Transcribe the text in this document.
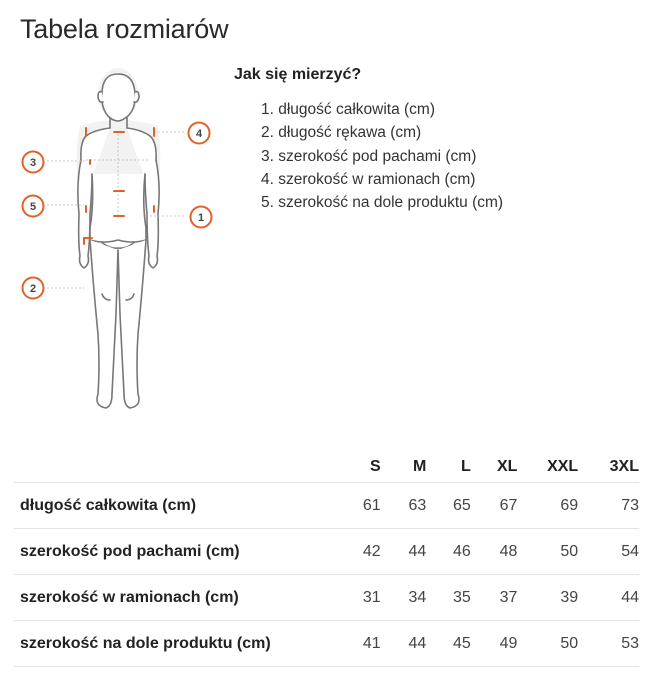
Tabela rozmiarów
3
5
2
4
1
Jak się mierzyć?
1. długość całkowita (cm)
2. długość rękawa (cm)
3. szerokość pod pachami (cm)
4. szerokość w ramionach (cm)
5. szerokość na dole produktu (cm)
	S	M	L	XL	XXL	3XL
długość całkowita (cm)	61	63	65	67	69	73
szerokość pod pachami (cm)	42	44	46	48	50	54
szerokość w ramionach (cm)	31	34	35	37	39	44
szerokość na dole produktu (cm)	41	44	45	49	50	53
